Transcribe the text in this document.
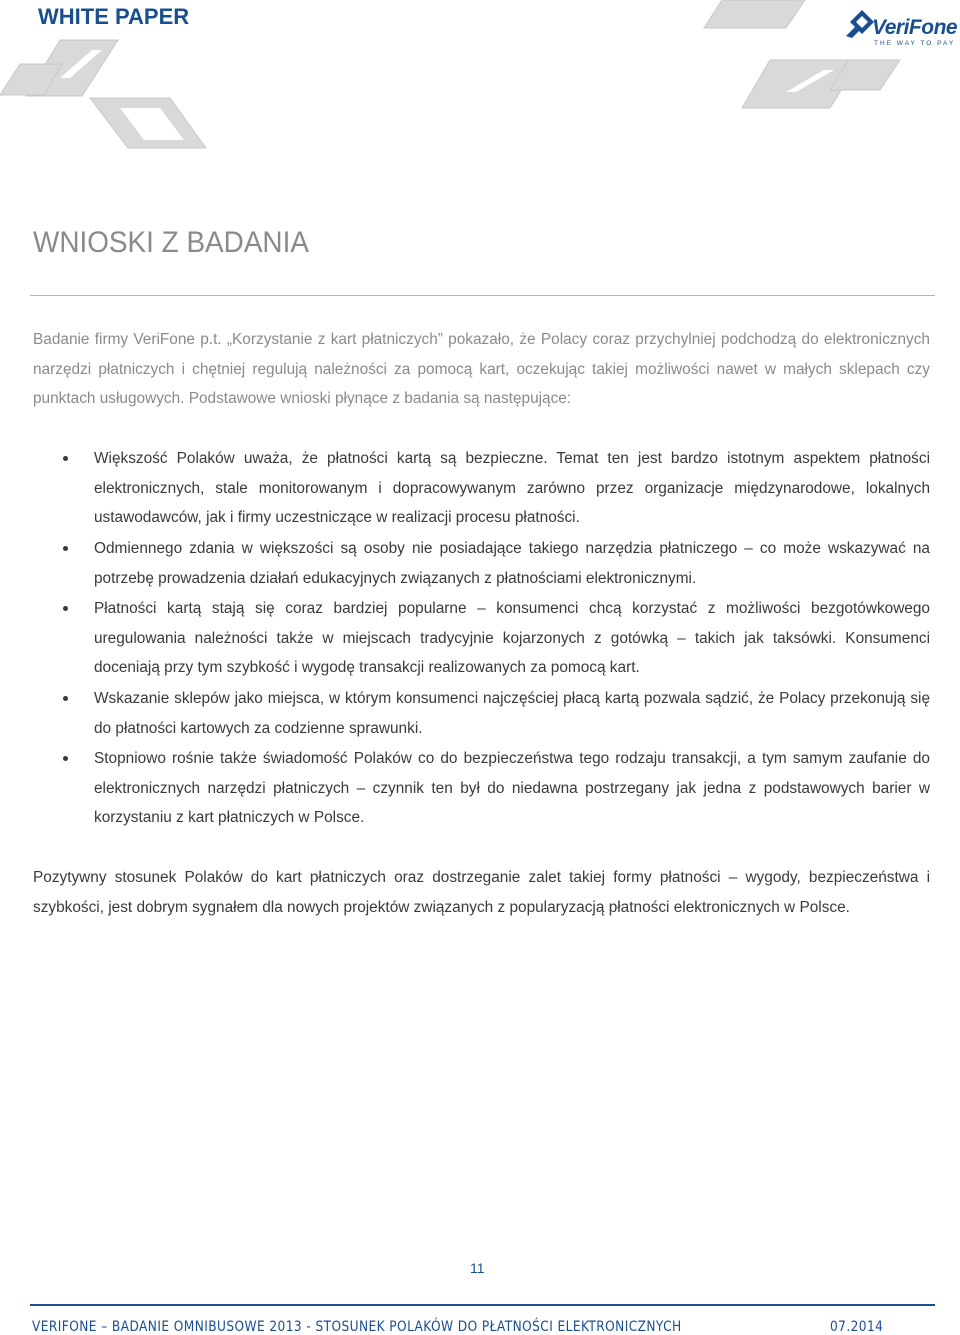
WHITE PAPER	VeriFone
THE WAY TO PAY
WNIOSKI Z BADANIA

Badanie firmy VeriFone p.t. „Korzystanie z kart płatniczych” pokazało, że Polacy coraz przychylniej podchodzą do elektronicznych narzędzi płatniczych i chętniej regulują należności za pomocą kart, oczekując takiej możliwości nawet w małych sklepach czy punktach usługowych. Podstawowe wnioski płynące z badania są następujące:

Większość Polaków uważa, że płatności kartą są bezpieczne. Temat ten jest bardzo istotnym aspektem płatności elektronicznych, stale monitorowanym i dopracowywanym zarówno przez organizacje międzynarodowe, lokalnych ustawodawców, jak i firmy uczestniczące w realizacji procesu płatności.
Odmiennego zdania w większości są osoby nie posiadające takiego narzędzia płatniczego – co może wskazywać na potrzebę prowadzenia działań edukacyjnych związanych z płatnościami elektronicznymi.
Płatności kartą stają się coraz bardziej popularne – konsumenci chcą korzystać z możliwości bezgotówkowego uregulowania należności także w miejscach tradycyjnie kojarzonych z gotówką – takich jak taksówki. Konsumenci doceniają przy tym szybkość i wygodę transakcji realizowanych za pomocą kart.
Wskazanie sklepów jako miejsca, w którym konsumenci najczęściej płacą kartą pozwala sądzić, że Polacy przekonują się do płatności kartowych za codzienne sprawunki.
Stopniowo rośnie także świadomość Polaków co do bezpieczeństwa tego rodzaju transakcji, a tym samym zaufanie do elektronicznych narzędzi płatniczych – czynnik ten był do niedawna postrzegany jak jedna z podstawowych barier w korzystaniu z kart płatniczych w Polsce.

Pozytywny stosunek Polaków do kart płatniczych oraz dostrzeganie zalet takiej formy płatności – wygody, bezpieczeństwa i szybkości, jest dobrym sygnałem dla nowych projektów związanych z popularyzacją płatności elektronicznych w Polsce.

11
VERIFONE – BADANIE OMNIBUSOWE 2013 - STOSUNEK POLAKÓW DO PŁATNOŚCI ELEKTRONICZNYCH	07.2014
